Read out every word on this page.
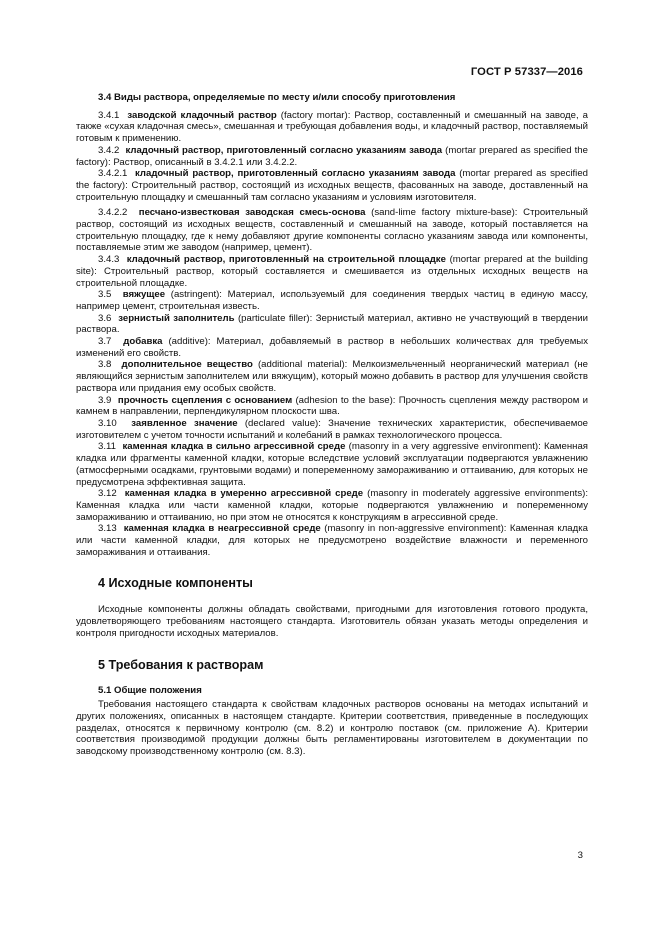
ГОСТ Р 57337—2016

3.4 Виды раствора, определяемые по месту и/или способу приготовления

3.4.1 заводской кладочный раствор (factory mortar): Раствор, составленный и смешанный на заводе, а также «сухая кладочная смесь», смешанная и требующая добавления воды, и кладочный раствор, поставляемый готовым к применению.

3.4.2 кладочный раствор, приготовленный согласно указаниям завода (mortar prepared as specified the factory): Раствор, описанный в 3.4.2.1 или 3.4.2.2.

3.4.2.1 кладочный раствор, приготовленный согласно указаниям завода (mortar prepared as specified the factory): Строительный раствор, состоящий из исходных веществ, фасованных на заводе, доставленный на строительную площадку и смешанный там согласно указаниям и условиям изготовителя.

3.4.2.2 песчано-известковая заводская смесь-основа (sand-lime factory mixture-base): Строительный раствор, состоящий из исходных веществ, составленный и смешанный на заводе, который поставляется на строительную площадку, где к нему добавляют другие компоненты согласно указаниям завода или компоненты, поставляемые этим же заводом (например, цемент).

3.4.3 кладочный раствор, приготовленный на строительной площадке (mortar prepared at the building site): Строительный раствор, который составляется и смешивается из отдельных исходных веществ на строительной площадке.

3.5 вяжущее (astringent): Материал, используемый для соединения твердых частиц в единую массу, например цемент, строительная известь.

3.6 зернистый заполнитель (particulate filler): Зернистый материал, активно не участвующий в твердении раствора.

3.7 добавка (additive): Материал, добавляемый в раствор в небольших количествах для требуемых изменений его свойств.

3.8 дополнительное вещество (additional material): Мелкоизмельченный неорганический материал (не являющийся зернистым заполнителем или вяжущим), который можно добавить в раствор для улучшения свойств раствора или придания ему особых свойств.

3.9 прочность сцепления с основанием (adhesion to the base): Прочность сцепления между раствором и камнем в направлении, перпендикулярном плоскости шва.

3.10 заявленное значение (declared value): Значение технических характеристик, обеспечиваемое изготовителем с учетом точности испытаний и колебаний в рамках технологического процесса.

3.11 каменная кладка в сильно агрессивной среде (masonry in a very aggressive environment): Каменная кладка или фрагменты каменной кладки, которые вследствие условий эксплуатации подвергаются увлажнению (атмосферными осадками, грунтовыми водами) и попеременному замораживанию и оттаиванию, для которых не предусмотрена эффективная защита.

3.12 каменная кладка в умеренно агрессивной среде (masonry in moderately aggressive environments): Каменная кладка или части каменной кладки, которые подвергаются увлажнению и попеременному замораживанию и оттаиванию, но при этом не относятся к конструкциям в агрессивной среде.

3.13 каменная кладка в неагрессивной среде (masonry in non-aggressive environment): Каменная кладка или части каменной кладки, для которых не предусмотрено воздействие влажности и переменного замораживания и оттаивания.

4 Исходные компоненты

Исходные компоненты должны обладать свойствами, пригодными для изготовления готового продукта, удовлетворяющего требованиям настоящего стандарта. Изготовитель обязан указать методы определения и контроля пригодности исходных материалов.

5 Требования к растворам

5.1 Общие положения

Требования настоящего стандарта к свойствам кладочных растворов основаны на методах испытаний и других положениях, описанных в настоящем стандарте. Критерии соответствия, приведенные в последующих разделах, относятся к первичному контролю (см. 8.2) и контролю поставок (см. приложение А). Критерии соответствия производимой продукции должны быть регламентированы изготовителем в документации по заводскому производственному контролю (см. 8.3).

3
